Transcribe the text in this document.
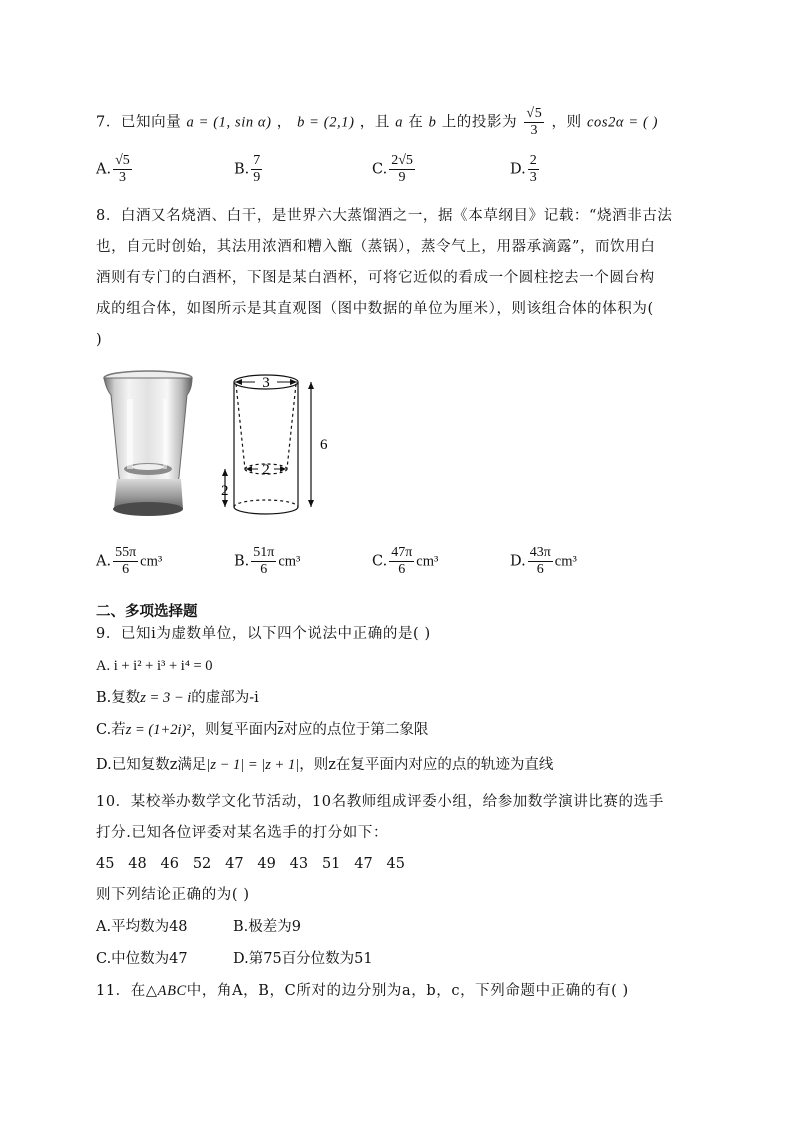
7．已知向量 a = (1, sin α) ， b = (2,1) ，且 a 在 b 上的投影为 $\frac{√5}{3}$ ，则 cos2α = ( )
A. $\frac{√5}{3}$	B. $\frac{7}{9}$	C. $\frac{2√5}{9}$	D. $\frac{2}{3}$
8．白酒又名烧酒、白干，是世界六大蒸馏酒之一，据《本草纲目》记载：“烧酒非古法
也，自元时创始，其法用浓酒和糟入甑（蒸锅），蒸令气上，用器承滴露”，而饮用白
酒则有专门的白酒杯，下图是某白酒杯，可将它近似的看成一个圆柱挖去一个圆台构
成的组合体，如图所示是其直观图（图中数据的单位为厘米），则该组合体的体积为(
)
3
2
6
2
A. $\frac{55\pi}{6} cm^3$	B. $\frac{51\pi}{6} cm^3$	C. $\frac{47\pi}{6} cm^3$	D. $\frac{43\pi}{6} cm^3$
二、多项选择题
9．已知i为虚数单位，以下四个说法中正确的是( )
A. i + i² + i³ + i⁴ = 0
B.复数z = 3 − i的虚部为-i
C.若z = (1+2i)²，则复平面内$\overline{z}$对应的点位于第二象限
D.已知复数z满足|z − 1| = |z + 1|，则z在复平面内对应的点的轨迹为直线
10．某校举办数学文化节活动，10名教师组成评委小组，给参加数学演讲比赛的选手
打分.已知各位评委对某名选手的打分如下：
45   48   46   52   47   49   43   51   47   45
则下列结论正确的为( )
A.平均数为48	B.极差为9
C.中位数为47	D.第75百分位数为51
11．在△ABC中，角A，B，C所对的边分别为a，b，c，下列命题中正确的有( )
